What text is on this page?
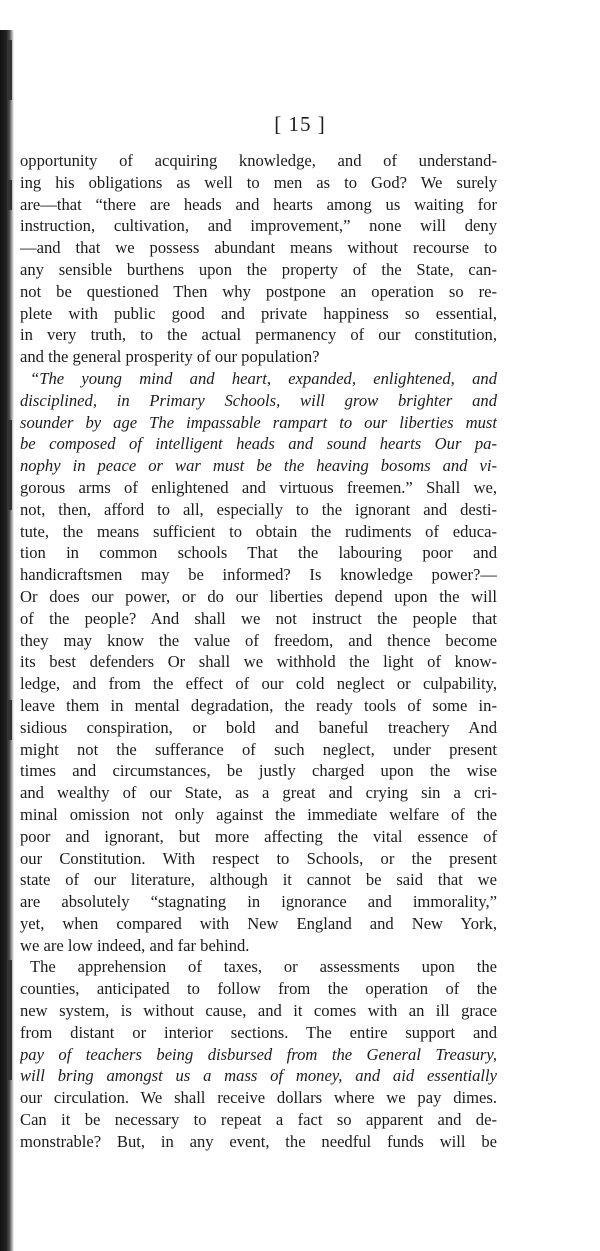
[ 15 ]
opportunity of acquiring knowledge, and of understand-
ing his obligations as well to men as to God? We surely
are—that “there are heads and hearts among us waiting for
instruction, cultivation, and improvement,” none will deny
—and that we possess abundant means without recourse to
any sensible burthens upon the property of the State, can-
not be questioned Then why postpone an operation so re-
plete with public good and private happiness so essential,
in very truth, to the actual permanency of our constitution,
and the general prosperity of our population?
“The young mind and heart, expanded, enlightened, and
disciplined, in Primary Schools, will grow brighter and
sounder by age The impassable rampart to our liberties must
be composed of intelligent heads and sound hearts Our pa-
nophy in peace or war must be the heaving bosoms and vi-
gorous arms of enlightened and virtuous freemen.” Shall we,
not, then, afford to all, especially to the ignorant and desti-
tute, the means sufficient to obtain the rudiments of educa-
tion in common schools That the labouring poor and
handicraftsmen may be informed? Is knowledge power?—
Or does our power, or do our liberties depend upon the will
of the people? And shall we not instruct the people that
they may know the value of freedom, and thence become
its best defenders Or shall we withhold the light of know-
ledge, and from the effect of our cold neglect or culpability,
leave them in mental degradation, the ready tools of some in-
sidious conspiration, or bold and baneful treachery And
might not the sufferance of such neglect, under present
times and circumstances, be justly charged upon the wise
and wealthy of our State, as a great and crying sin a cri-
minal omission not only against the immediate welfare of the
poor and ignorant, but more affecting the vital essence of
our Constitution. With respect to Schools, or the present
state of our literature, although it cannot be said that we
are absolutely “stagnating in ignorance and immorality,”
yet, when compared with New England and New York,
we are low indeed, and far behind.
The apprehension of taxes, or assessments upon the
counties, anticipated to follow from the operation of the
new system, is without cause, and it comes with an ill grace
from distant or interior sections. The entire support and
pay of teachers being disbursed from the General Treasury,
will bring amongst us a mass of money, and aid essentially
our circulation. We shall receive dollars where we pay dimes.
Can it be necessary to repeat a fact so apparent and de-
monstrable? But, in any event, the needful funds will be
